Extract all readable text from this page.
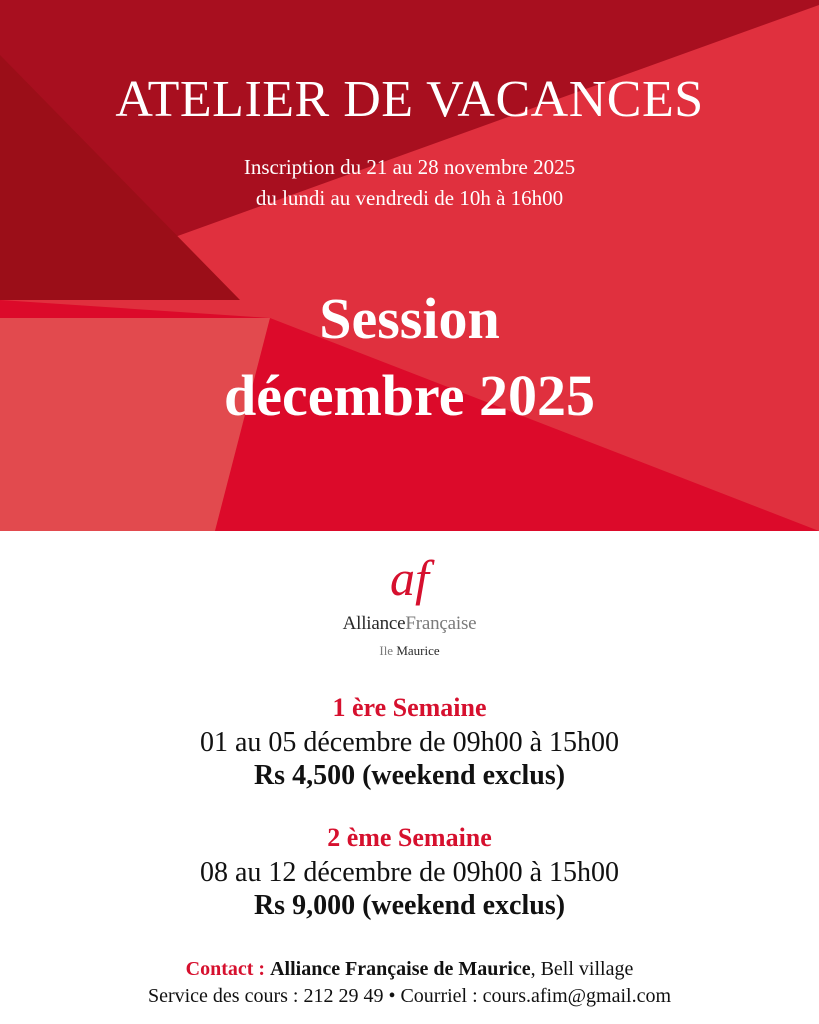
ATELIER DE VACANCES

Inscription du 21 au 28 novembre 2025

du lundi au vendredi de 10h à 16h00

Session

décembre 2025

af
AllianceFrançaise
Ile Maurice

1 ère Semaine

01 au 05 décembre de 09h00 à 15h00

Rs 4,500 (weekend exclus)

2 ème Semaine

08 au 12 décembre de 09h00 à 15h00

Rs 9,000 (weekend exclus)

Contact : Alliance Française de Maurice, Bell village

Service des cours : 212 29 49 • Courriel : cours.afim@gmail.com
